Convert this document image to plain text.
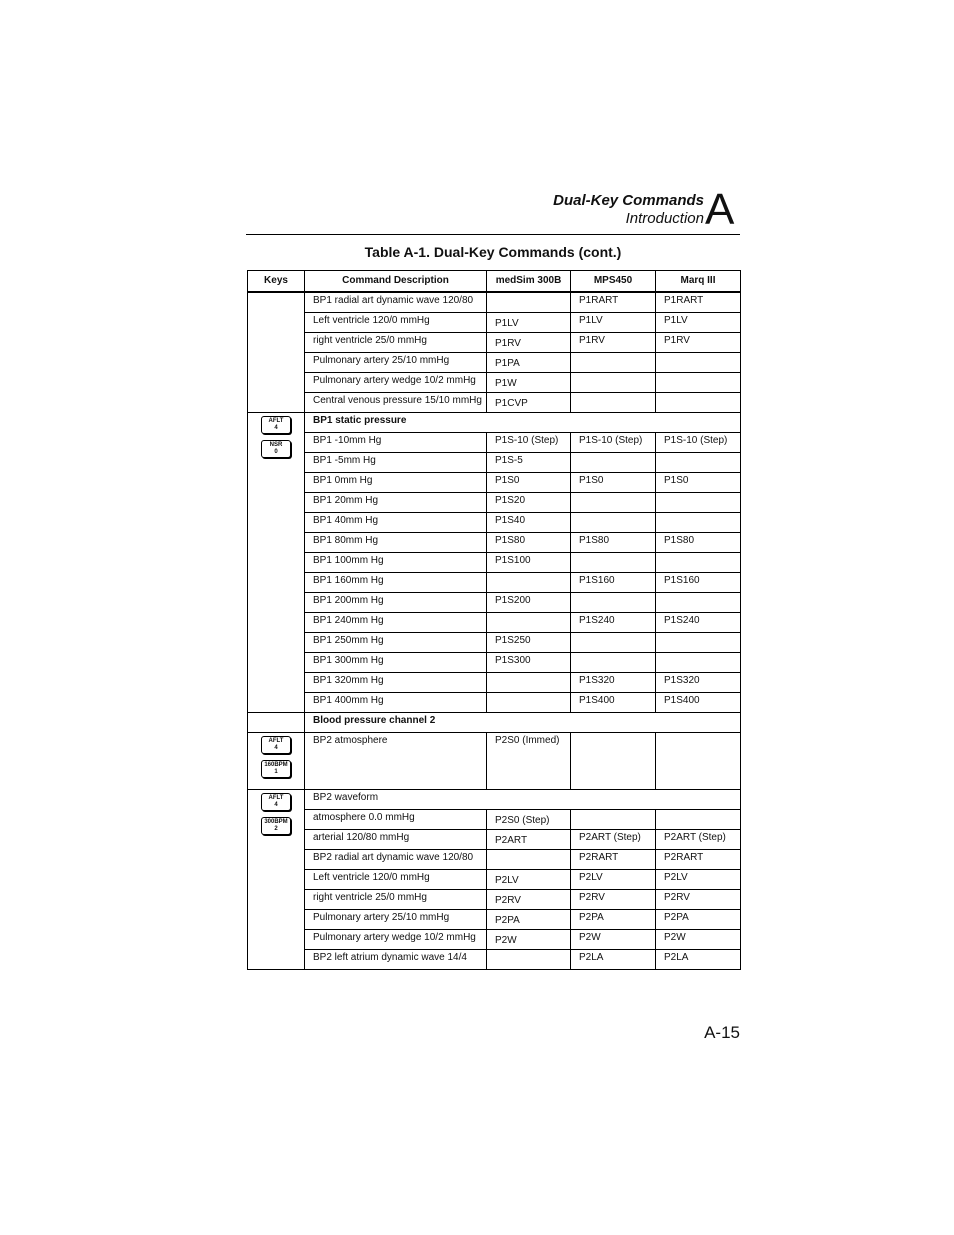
Dual-Key Commands
Introduction A
Table A-1. Dual-Key Commands (cont.)
Keys	Command Description	medSim 300B	MPS450	Marq III
	BP1 radial art dynamic wave 120/80		P1RART	P1RART
	Left ventricle 120/0 mmHg	P1LV	P1LV	P1LV
	right ventricle 25/0 mmHg	P1RV	P1RV	P1RV
	Pulmonary artery 25/10 mmHg	P1PA		
	Pulmonary artery wedge 10/2 mmHg	P1W		
	Central venous pressure 15/10 mmHg	P1CVP		

AFLT
4
NSR
0	BP1 static pressure			
	BP1 -10mm Hg	P1S-10 (Step)	P1S-10 (Step)	P1S-10 (Step)
	BP1 -5mm Hg	P1S-5		
	BP1 0mm Hg	P1S0	P1S0	P1S0
	BP1 20mm Hg	P1S20		
	BP1 40mm Hg	P1S40		
	BP1 80mm Hg	P1S80	P1S80	P1S80
	BP1 100mm Hg	P1S100		
	BP1 160mm Hg		P1S160	P1S160
	BP1 200mm Hg	P1S200		
	BP1 240mm Hg		P1S240	P1S240
	BP1 250mm Hg	P1S250		
	BP1 300mm Hg	P1S300		
	BP1 320mm Hg		P1S320	P1S320
	BP1 400mm Hg		P1S400	P1S400
	Blood pressure channel 2			

AFLT
4
160BPM
1	BP2 atmosphere	P2S0 (Immed)		

AFLT
4
300BPM
2	BP2 waveform			
	atmosphere 0.0 mmHg	P2S0 (Step)		
	arterial 120/80 mmHg	P2ART	P2ART (Step)	P2ART (Step)
	BP2 radial art dynamic wave 120/80		P2RART	P2RART
	Left ventricle 120/0 mmHg	P2LV	P2LV	P2LV
	right ventricle 25/0 mmHg	P2RV	P2RV	P2RV
	Pulmonary artery 25/10 mmHg	P2PA	P2PA	P2PA
	Pulmonary artery wedge 10/2 mmHg	P2W	P2W	P2W
	BP2 left atrium dynamic wave 14/4		P2LA	P2LA
A-15
